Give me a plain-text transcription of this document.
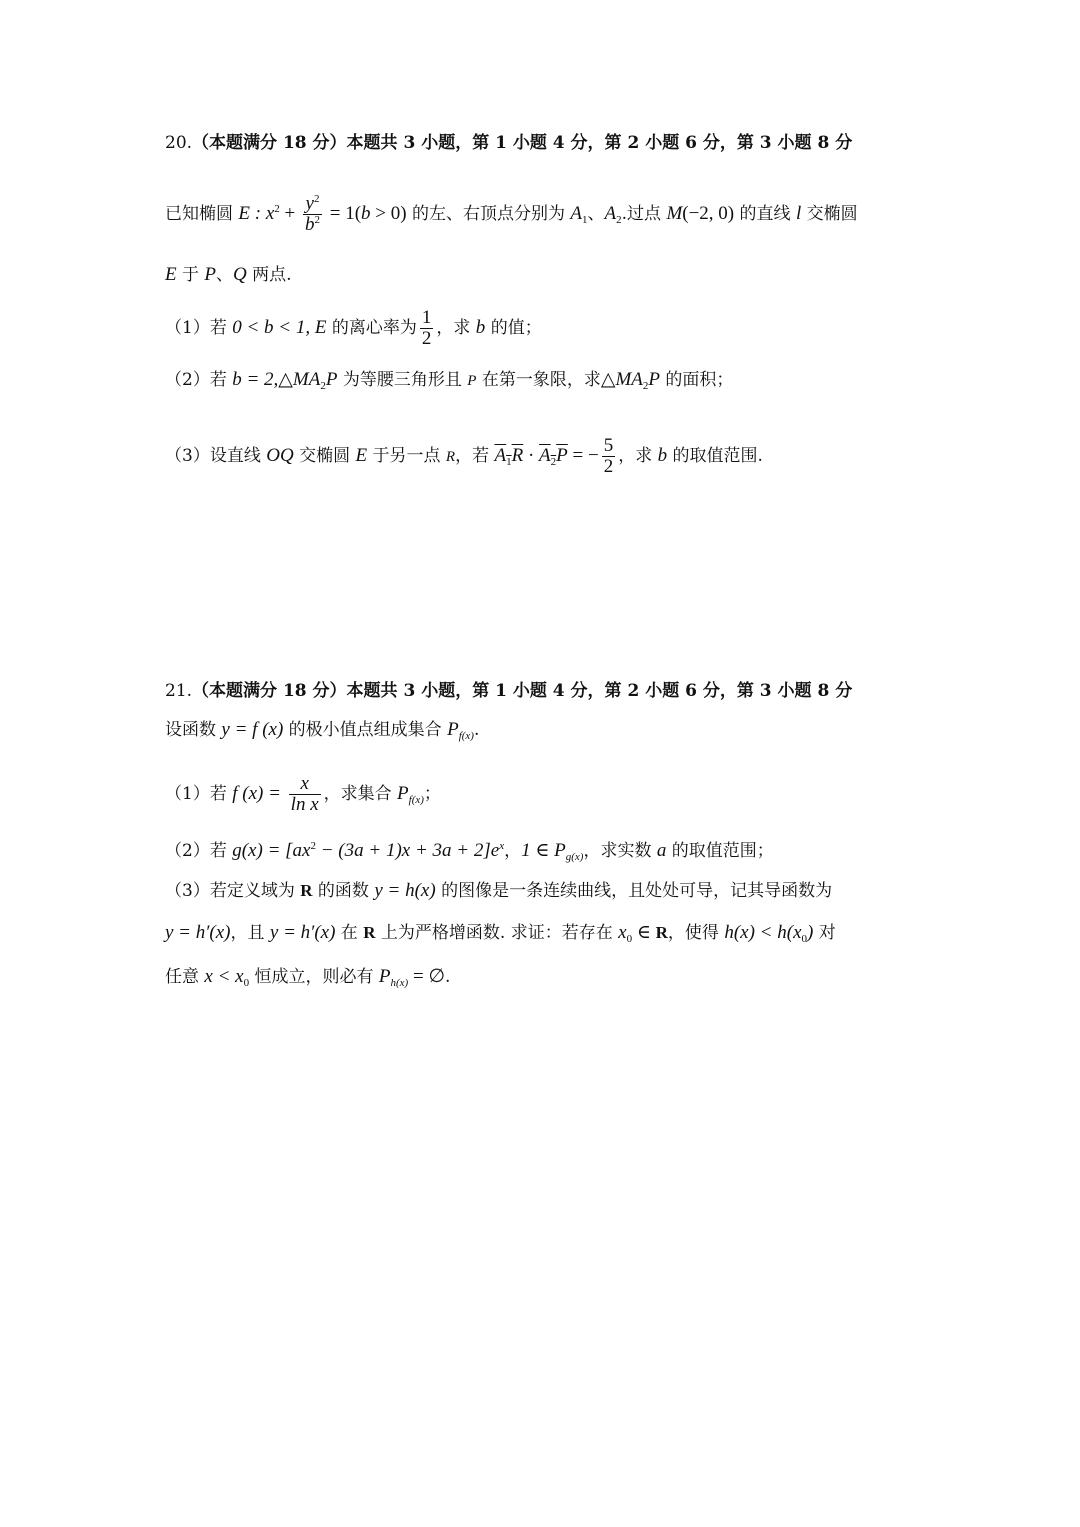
20.（本题满分 18 分）本题共 3 小题，第 1 小题 4 分，第 2 小题 6 分，第 3 小题 8 分
已知椭圆 E : $x^2 + \frac{y^2}{b^2} = 1(b > 0)$ 的左、右顶点分别为 $A_1$、$A_2$.过点 M(−2, 0) 的直线 l 交椭圆
E 于 P、Q 两点.
（1）若 0 < b < 1, E 的离心率为 $\frac{1}{2}$ ，求 b 的值；
（2）若 $b = 2,\triangle MA_2P$ 为等腰三角形且 P 在第一象限，求$\triangle MA_2P$ 的面积；
（3）设直线 OQ 交椭圆 E 于另一点 R，若 $A_1R \cdot A_2P$ = − $\frac{5}{2}$ ，求 b 的取值范围.
21.（本题满分 18 分）本题共 3 小题，第 1 小题 4 分，第 2 小题 6 分，第 3 小题 8 分
设函数 y = f (x) 的极小值点组成集合 $P_{f(x)}$.
（1）若 f $(x) = \frac{x}{\text{ln x}}$ ，求集合 $P_{f(x)}$；
（2）若 $g(x) = [ax^2 - (3a + 1)x + 3a + 2]e^x$，1 ∈ $P_{g(x)}$，求实数 a 的取值范围；
（3）若定义域为 R 的函数 y = h(x) 的图像是一条连续曲线，且处处可导，记其导函数为
y = h′(x)，且 y = h′(x) 在 R 上为严格增函数. 求证：若存在 $x_0$ ∈ R，使得 $h(x) < h(x_0)$ 对
任意 $x < x_0$ 恒成立，则必有 $P_{h(x)}$ = ∅.
